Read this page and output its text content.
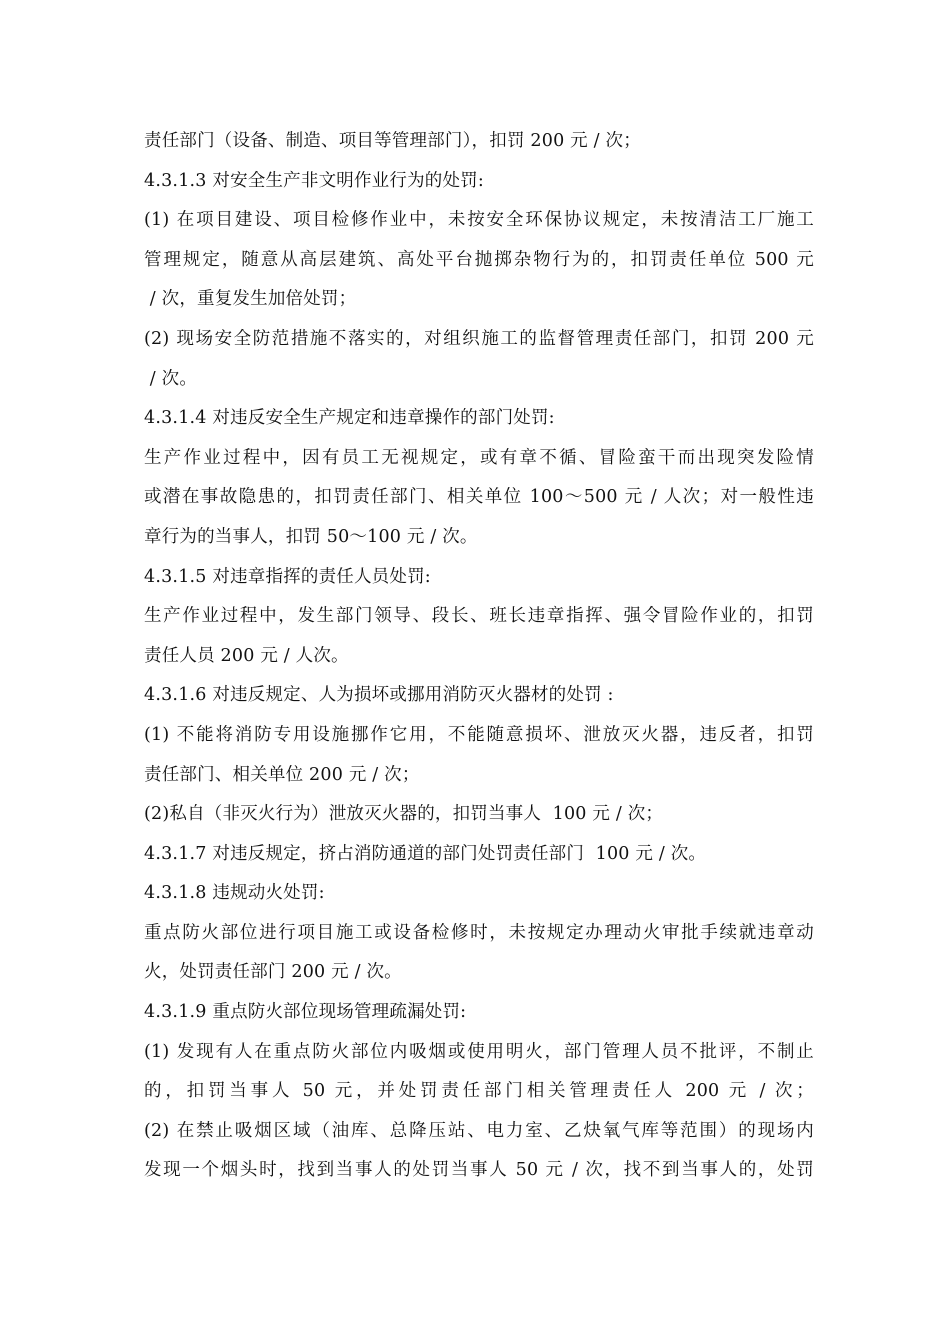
责任部门（设备、制造、项目等管理部门），扣罚 200 元 / 次；
4.3.1.3 对安全生产非文明作业行为的处罚:
(1) 在项目建设、项目检修作业中，未按安全环保协议规定，未按清洁工厂施工
管理规定，随意从高层建筑、高处平台抛掷杂物行为的，扣罚责任单位 500 元
/ 次，重复发生加倍处罚；
(2) 现场安全防范措施不落实的，对组织施工的监督管理责任部门，扣罚 200 元
/ 次。
4.3.1.4 对违反安全生产规定和违章操作的部门处罚:
生产作业过程中，因有员工无视规定，或有章不循、冒险蛮干而出现突发险情
或潜在事故隐患的，扣罚责任部门、相关单位 100～500 元 / 人次；对一般性违
章行为的当事人，扣罚 50～100 元 / 次。
4.3.1.5 对违章指挥的责任人员处罚:
生产作业过程中，发生部门领导、段长、班长违章指挥、强令冒险作业的，扣罚
责任人员 200 元 / 人次。
4.3.1.6 对违反规定、人为损坏或挪用消防灭火器材的处罚 :
(1) 不能将消防专用设施挪作它用，不能随意损坏、泄放灭火器，违反者，扣罚
责任部门、相关单位 200 元 / 次；
(2)私自（非灭火行为）泄放灭火器的，扣罚当事人  100 元 / 次；
4.3.1.7 对违反规定，挤占消防通道的部门处罚责任部门  100 元 / 次。
4.3.1.8 违规动火处罚:
重点防火部位进行项目施工或设备检修时，未按规定办理动火审批手续就违章动
火，处罚责任部门 200 元 / 次。
4.3.1.9 重点防火部位现场管理疏漏处罚:
(1) 发现有人在重点防火部位内吸烟或使用明火，部门管理人员不批评，不制止
的，扣罚当事人 50 元，并处罚责任部门相关管理责任人 200 元 / 次；
(2) 在禁止吸烟区域（油库、总降压站、电力室、乙炔氧气库等范围）的现场内
发现一个烟头时，找到当事人的处罚当事人 50 元 / 次，找不到当事人的，处罚
